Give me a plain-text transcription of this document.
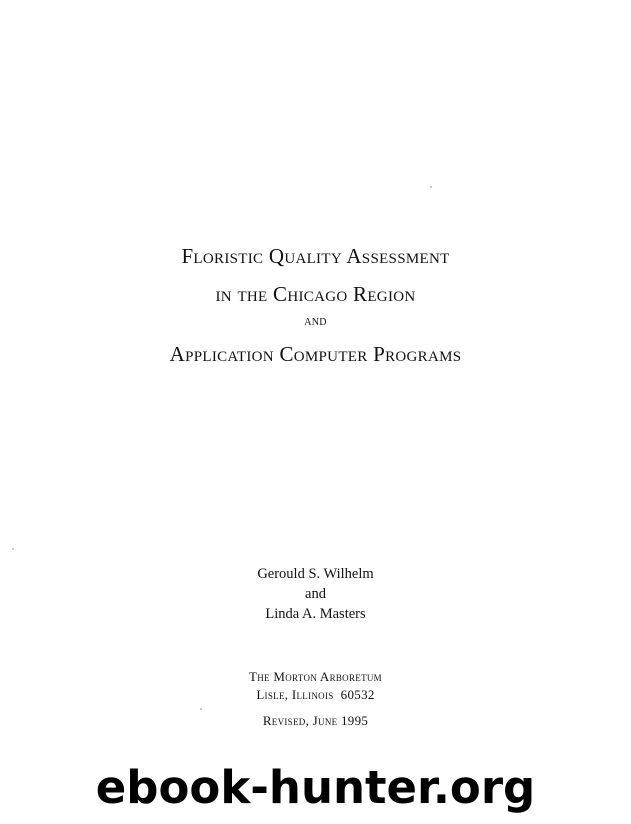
Floristic Quality Assessment
in the Chicago Region
and
Application Computer Programs
Gerould S. Wilhelm
and
Linda A. Masters
The Morton Arboretum
Lisle, Illinois  60532
Revised, June 1995
ebook-hunter.org
